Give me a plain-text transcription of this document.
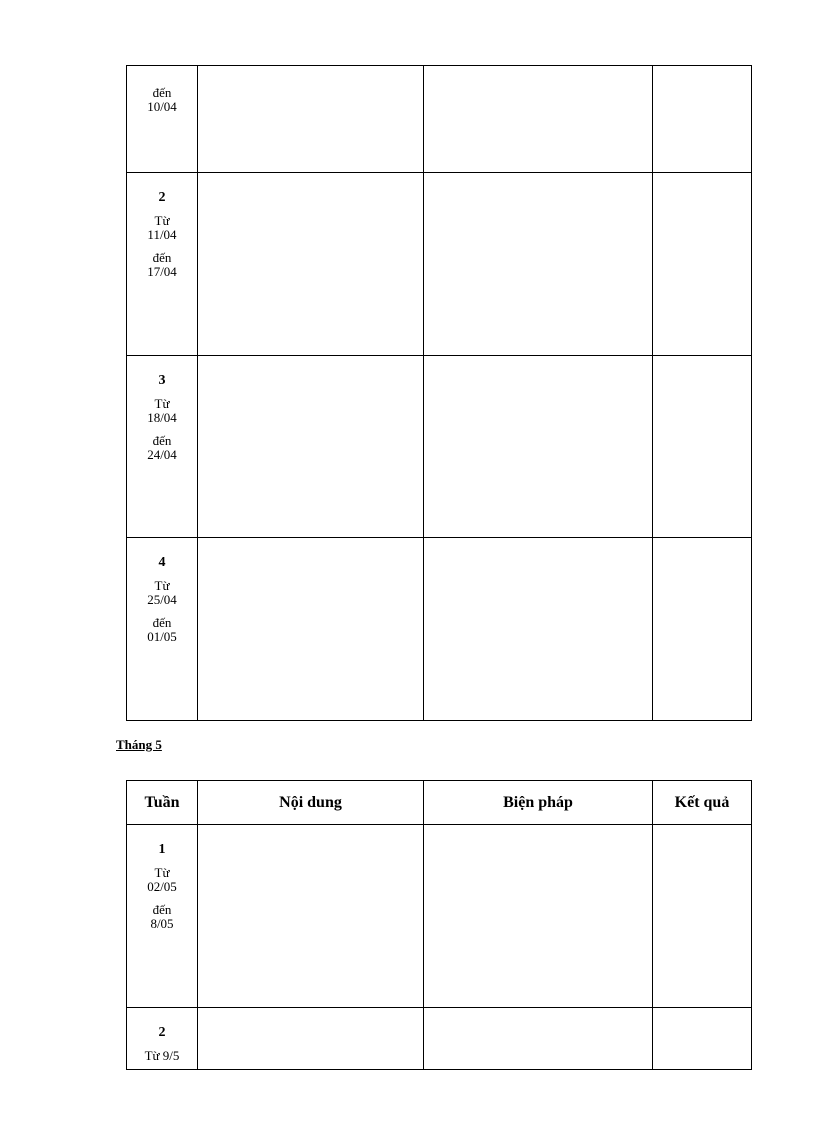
đến
10/04			

2
Từ
11/04
đến
17/04			

3
Từ
18/04
đến
24/04			

4
Từ
25/04
đến
01/05			

Tháng 5
Tuần	Nội dung	Biện pháp	Kết quả

1
Từ
02/05
đến
8/05			

2
Từ 9/5			
